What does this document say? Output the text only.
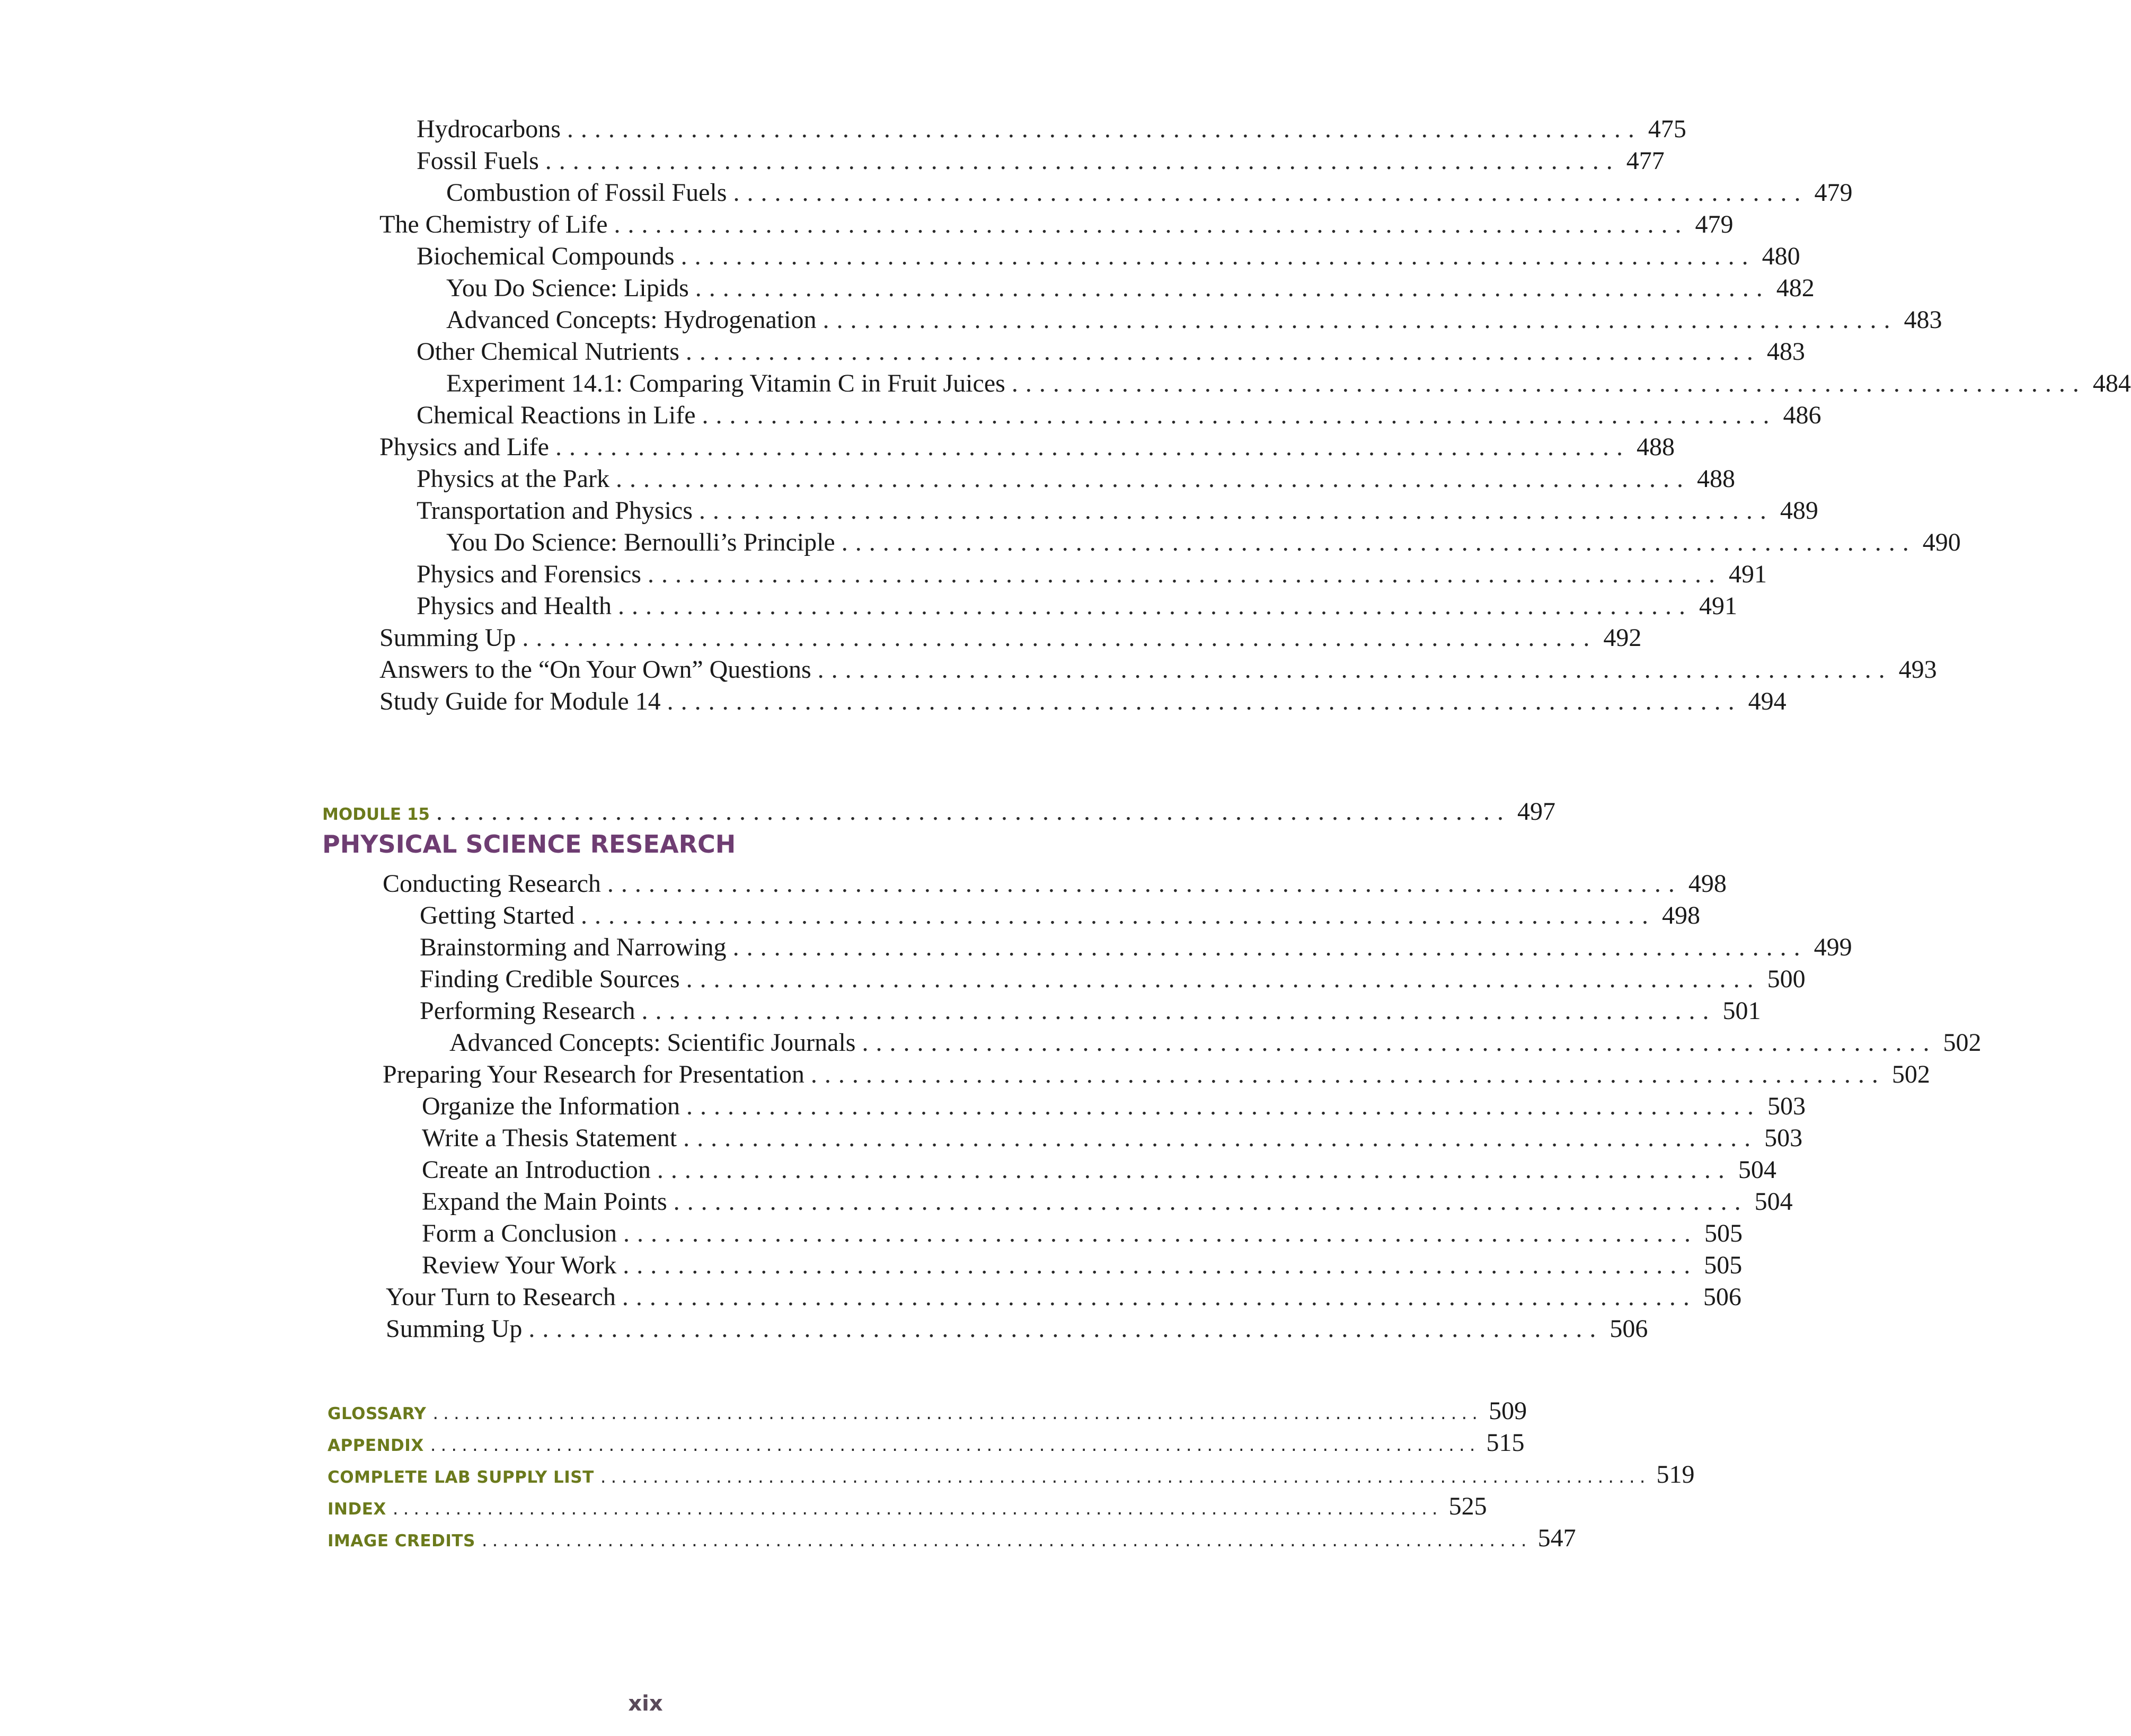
Hydrocarbons .............................................................................. 475
Fossil Fuels .............................................................................. 477
Combustion of Fossil Fuels .............................................................................. 479
The Chemistry of Life .............................................................................. 479
Biochemical Compounds .............................................................................. 480
You Do Science: Lipids .............................................................................. 482
Advanced Concepts: Hydrogenation .............................................................................. 483
Other Chemical Nutrients .............................................................................. 483
Experiment 14.1: Comparing Vitamin C in Fruit Juices .............................................................................. 484
Chemical Reactions in Life .............................................................................. 486
Physics and Life .............................................................................. 488
Physics at the Park .............................................................................. 488
Transportation and Physics .............................................................................. 489
You Do Science: Bernoulli’s Principle .............................................................................. 490
Physics and Forensics .............................................................................. 491
Physics and Health .............................................................................. 491
Summing Up .............................................................................. 492
Answers to the “On Your Own” Questions .............................................................................. 493
Study Guide for Module 14 .............................................................................. 494
MODULE 15 .............................................................................. 497
PHYSICAL SCIENCE RESEARCH
Conducting Research .............................................................................. 498
Getting Started .............................................................................. 498
Brainstorming and Narrowing .............................................................................. 499
Finding Credible Sources .............................................................................. 500
Performing Research .............................................................................. 501
Advanced Concepts: Scientific Journals .............................................................................. 502
Preparing Your Research for Presentation .............................................................................. 502
Organize the Information .............................................................................. 503
Write a Thesis Statement .............................................................................. 503
Create an Introduction .............................................................................. 504
Expand the Main Points .............................................................................. 504
Form a Conclusion .............................................................................. 505
Review Your Work .............................................................................. 505
Your Turn to Research .............................................................................. 506
Summing Up .............................................................................. 506
GLOSSARY .................................................................................................... 509
APPENDIX .................................................................................................... 515
COMPLETE LAB SUPPLY LIST .................................................................................................... 519
INDEX .................................................................................................... 525
IMAGE CREDITS .................................................................................................... 547
xix
